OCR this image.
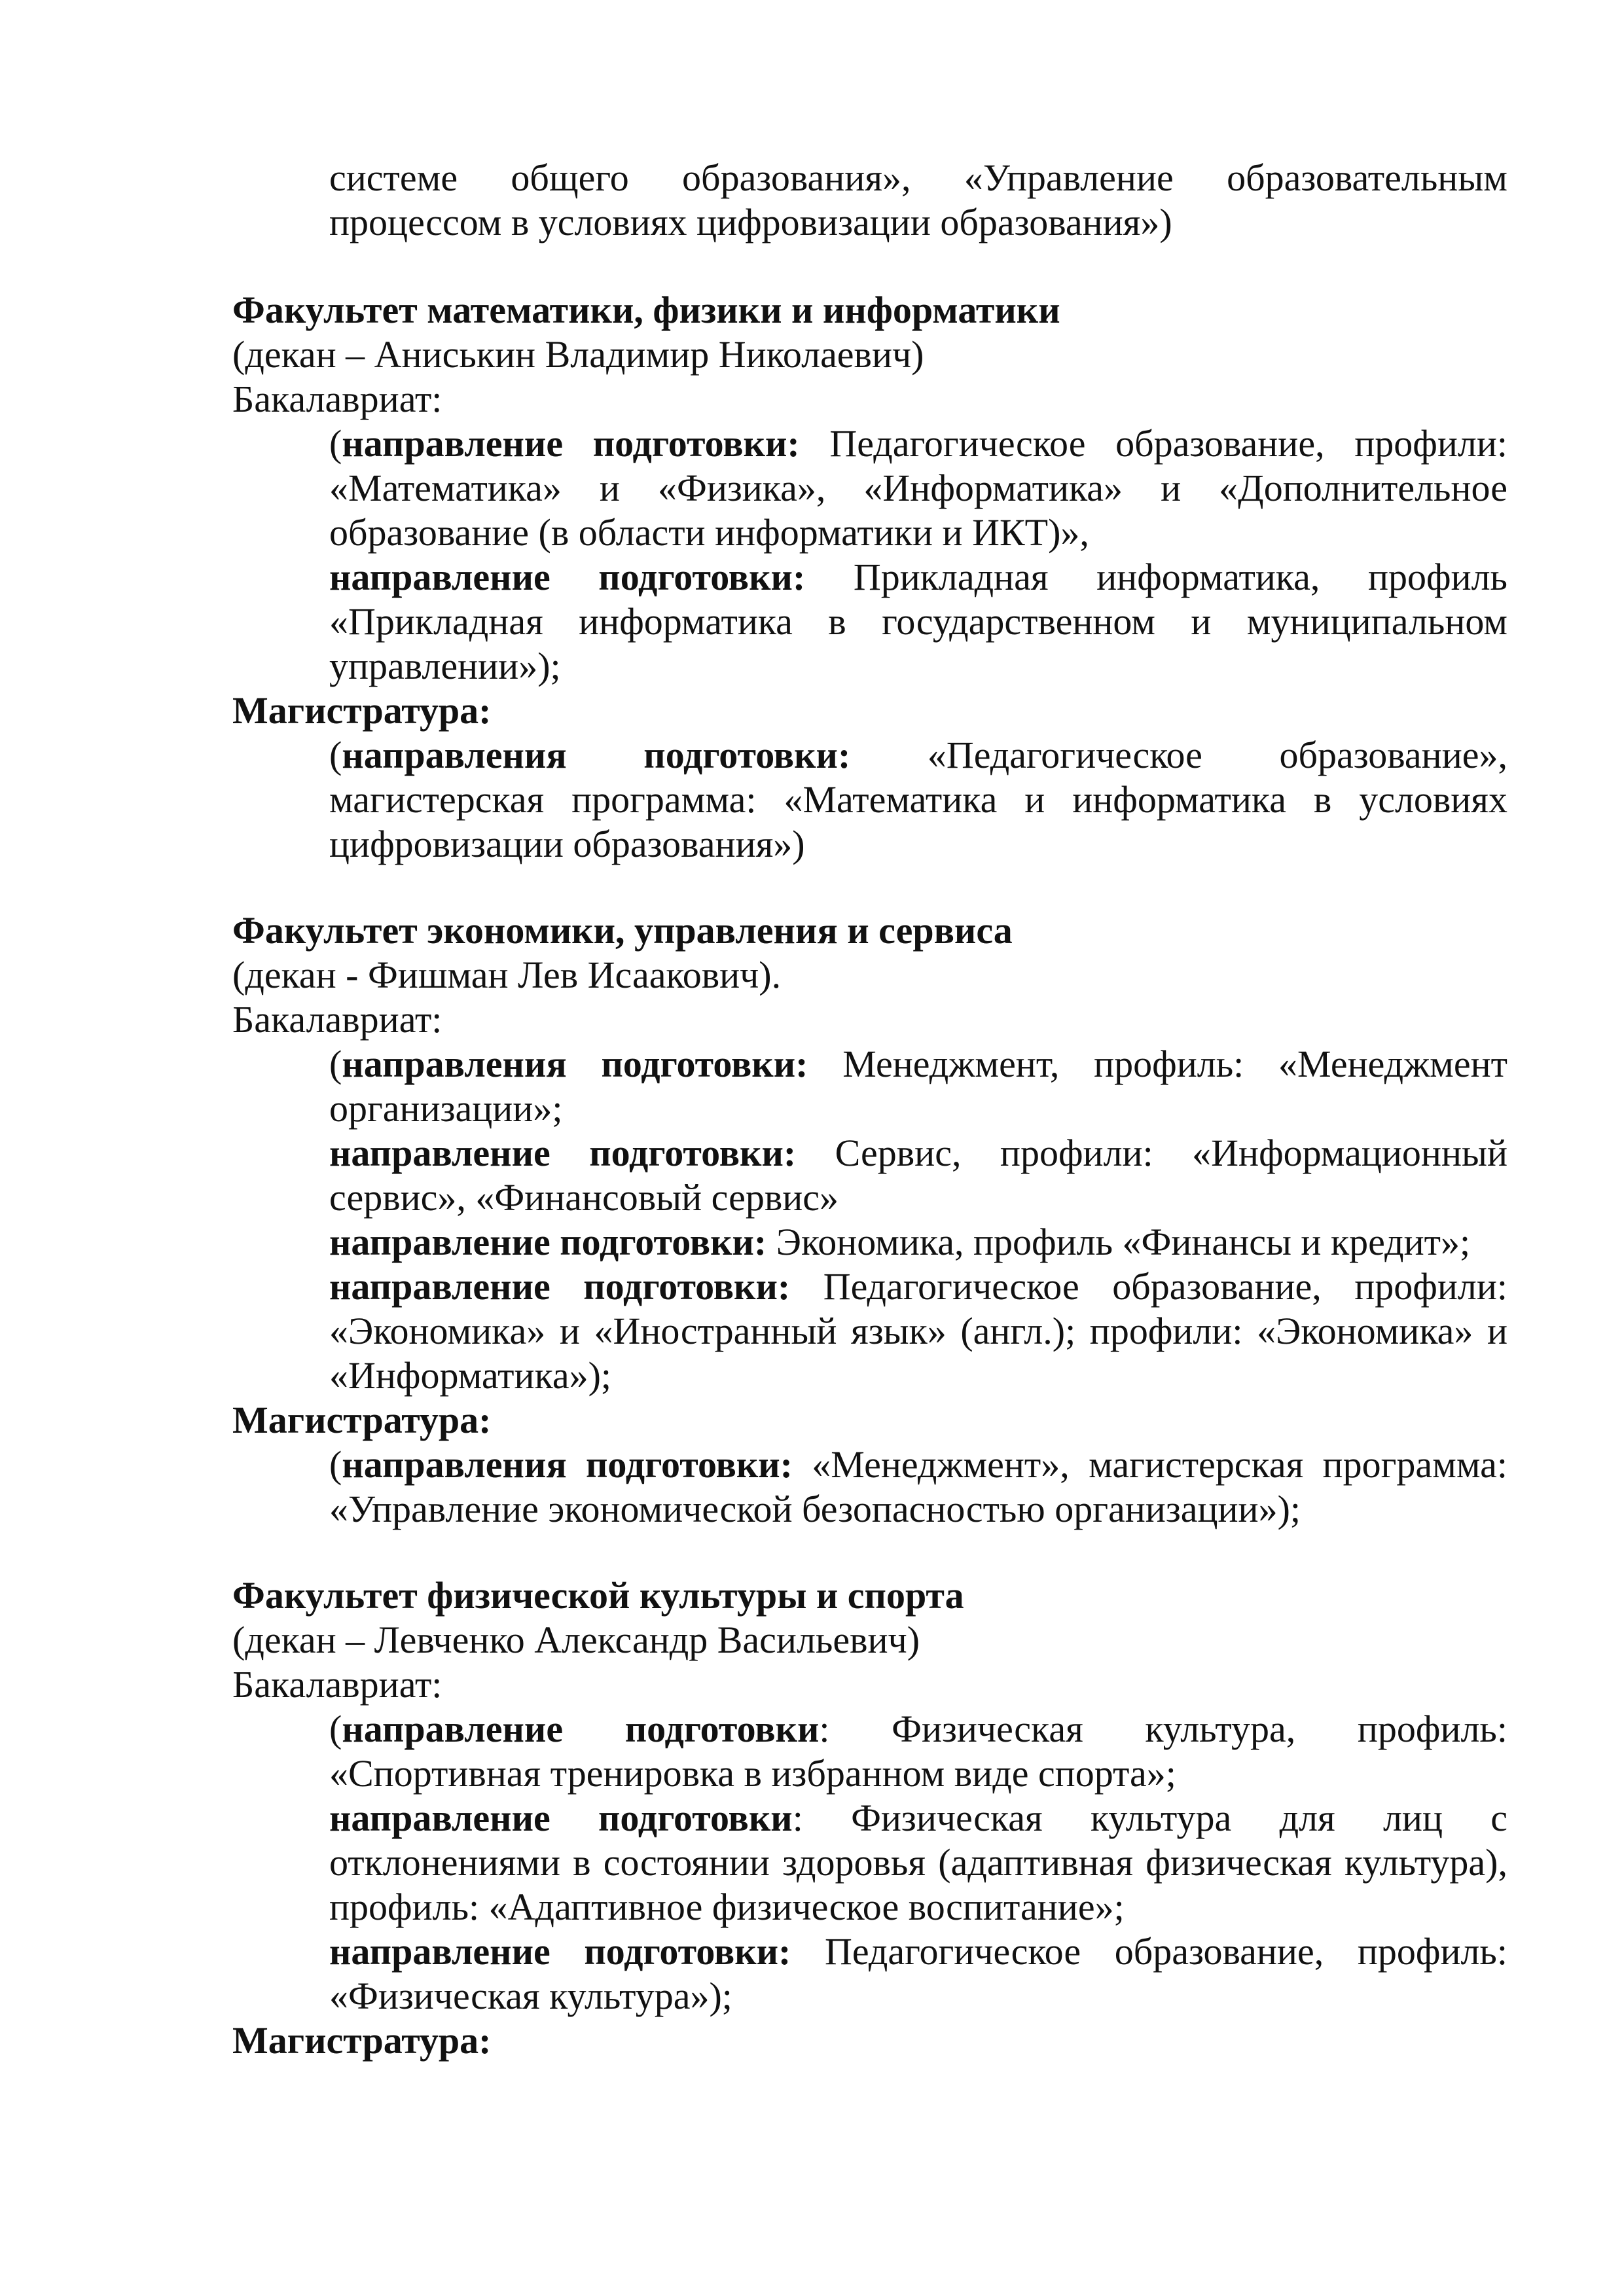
системе общего образования», «Управление образовательным
процессом в условиях цифровизации образования»)
Факультет математики, физики и информатики
(декан – Аниськин Владимир Николаевич)
Бакалавриат:
(направление подготовки: Педагогическое образование, профили:
«Математика» и «Физика», «Информатика» и «Дополнительное
образование (в области информатики и ИКТ)»,
направление подготовки: Прикладная информатика, профиль
«Прикладная информатика в государственном и муниципальном
управлении»);
Магистратура:
(направления подготовки: «Педагогическое образование»,
магистерская программа: «Математика и информатика в условиях
цифровизации образования»)
Факультет экономики, управления и сервиса
(декан - Фишман Лев Исаакович).
Бакалавриат:
(направления подготовки: Менеджмент, профиль: «Менеджмент
организации»;
направление подготовки: Сервис, профили: «Информационный
сервис», «Финансовый сервис»
направление подготовки: Экономика, профиль «Финансы и кредит»;
направление подготовки: Педагогическое образование, профили:
«Экономика» и «Иностранный язык» (англ.); профили: «Экономика» и
«Информатика»);
Магистратура:
(направления подготовки: «Менеджмент», магистерская программа:
«Управление экономической безопасностью организации»);
Факультет физической культуры и спорта
(декан – Левченко Александр Васильевич)
Бакалавриат:
(направление подготовки: Физическая культура, профиль:
«Спортивная тренировка в избранном виде спорта»;
направление подготовки: Физическая культура для лиц с
отклонениями в состоянии здоровья (адаптивная физическая культура),
профиль: «Адаптивное физическое воспитание»;
направление подготовки: Педагогическое образование, профиль:
«Физическая культура»);
Магистратура:
